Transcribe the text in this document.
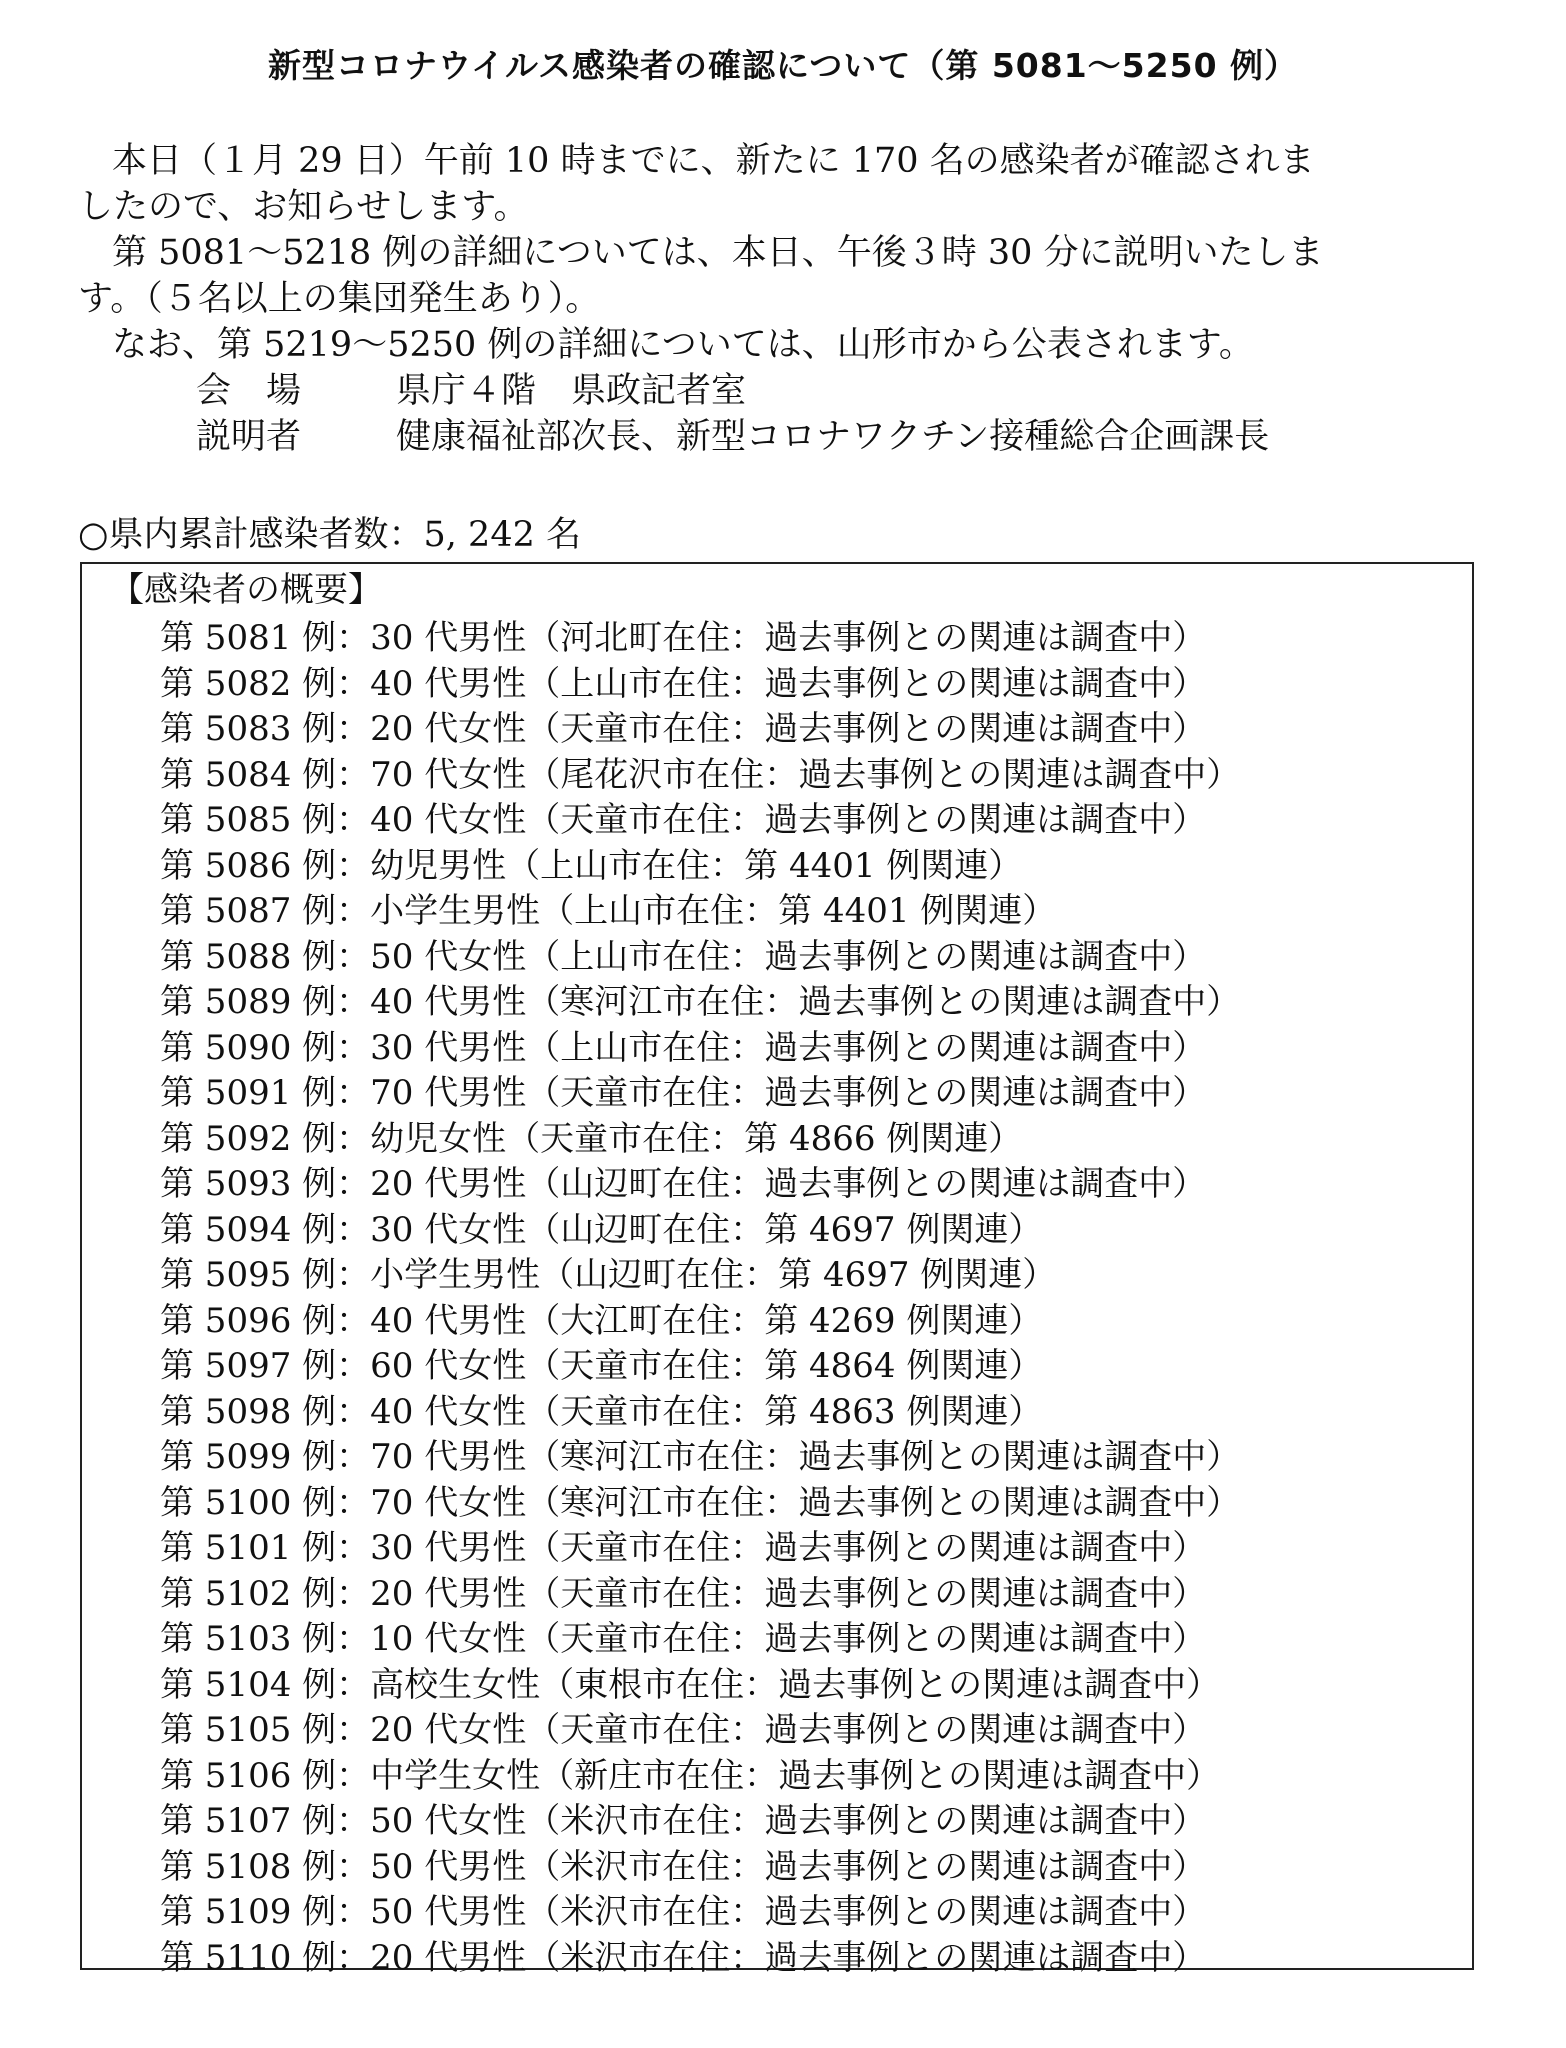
新型コロナウイルス感染者の確認について（第 5081～5250 例）
本日（１月 29 日）午前 10 時までに、新たに 170 名の感染者が確認されま
したので、お知らせします。
第 5081～5218 例の詳細については、本日、午後３時 30 分に説明いたしま
す。（５名以上の集団発生あり）。
なお、第 5219～5250 例の詳細については、山形市から公表されます。
会　場	県庁４階　県政記者室
説明者	健康福祉部次長、新型コロナワクチン接種総合企画課長
○県内累計感染者数：5, 242 名
【感染者の概要】
第 5081 例：30 代男性（河北町在住：過去事例との関連は調査中）
第 5082 例：40 代男性（上山市在住：過去事例との関連は調査中）
第 5083 例：20 代女性（天童市在住：過去事例との関連は調査中）
第 5084 例：70 代女性（尾花沢市在住：過去事例との関連は調査中）
第 5085 例：40 代女性（天童市在住：過去事例との関連は調査中）
第 5086 例：幼児男性（上山市在住：第 4401 例関連）
第 5087 例：小学生男性（上山市在住：第 4401 例関連）
第 5088 例：50 代女性（上山市在住：過去事例との関連は調査中）
第 5089 例：40 代男性（寒河江市在住：過去事例との関連は調査中）
第 5090 例：30 代男性（上山市在住：過去事例との関連は調査中）
第 5091 例：70 代男性（天童市在住：過去事例との関連は調査中）
第 5092 例：幼児女性（天童市在住：第 4866 例関連）
第 5093 例：20 代男性（山辺町在住：過去事例との関連は調査中）
第 5094 例：30 代女性（山辺町在住：第 4697 例関連）
第 5095 例：小学生男性（山辺町在住：第 4697 例関連）
第 5096 例：40 代男性（大江町在住：第 4269 例関連）
第 5097 例：60 代女性（天童市在住：第 4864 例関連）
第 5098 例：40 代女性（天童市在住：第 4863 例関連）
第 5099 例：70 代男性（寒河江市在住：過去事例との関連は調査中）
第 5100 例：70 代女性（寒河江市在住：過去事例との関連は調査中）
第 5101 例：30 代男性（天童市在住：過去事例との関連は調査中）
第 5102 例：20 代男性（天童市在住：過去事例との関連は調査中）
第 5103 例：10 代女性（天童市在住：過去事例との関連は調査中）
第 5104 例：高校生女性（東根市在住：過去事例との関連は調査中）
第 5105 例：20 代女性（天童市在住：過去事例との関連は調査中）
第 5106 例：中学生女性（新庄市在住：過去事例との関連は調査中）
第 5107 例：50 代女性（米沢市在住：過去事例との関連は調査中）
第 5108 例：50 代男性（米沢市在住：過去事例との関連は調査中）
第 5109 例：50 代男性（米沢市在住：過去事例との関連は調査中）
第 5110 例：20 代男性（米沢市在住：過去事例との関連は調査中）
